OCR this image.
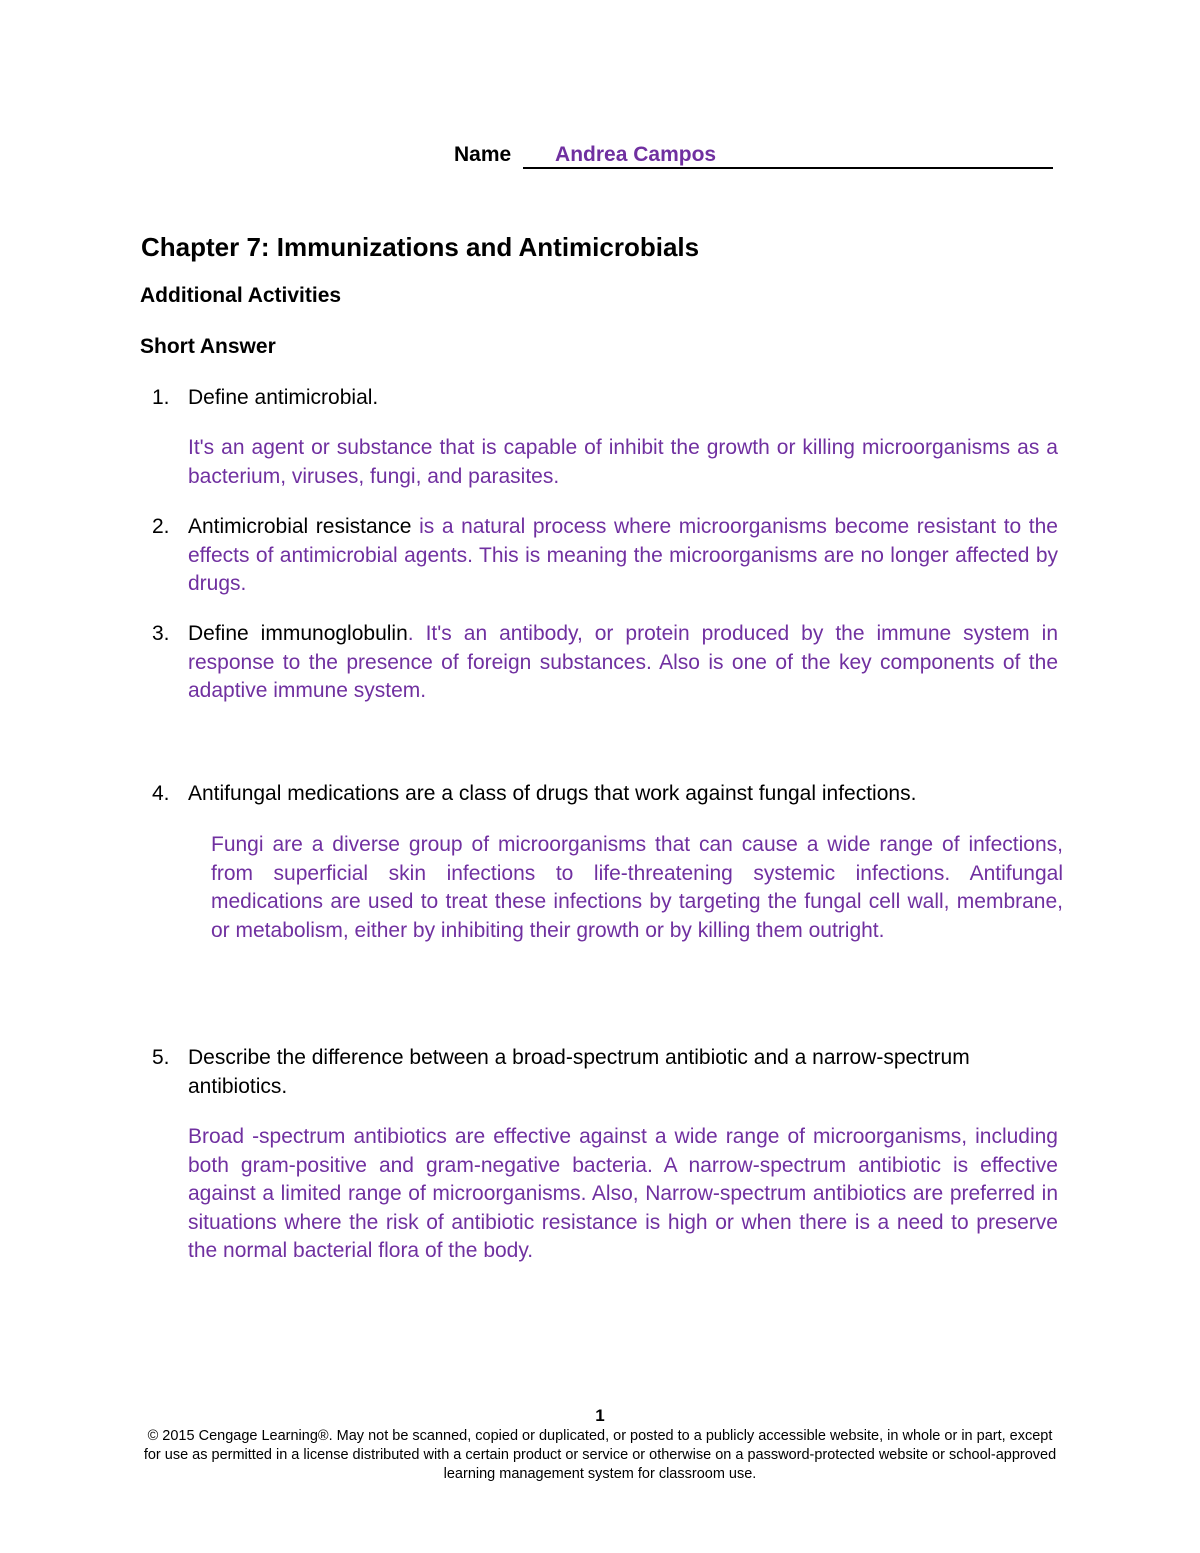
Name Andrea Campos
Chapter 7: Immunizations and Antimicrobials
Additional Activities
Short Answer
1. Define antimicrobial.
It's an agent or substance that is capable of inhibit the growth or killing microorganisms as a bacterium, viruses, fungi, and parasites.
2. Antimicrobial resistance is a natural process where microorganisms become resistant to the effects of antimicrobial agents. This is meaning the microorganisms are no longer affected by drugs.
3. Define immunoglobulin. It's an antibody, or protein produced by the immune system in response to the presence of foreign substances. Also is one of the key components of the adaptive immune system.
4. Antifungal medications are a class of drugs that work against fungal infections.
Fungi are a diverse group of microorganisms that can cause a wide range of infections, from superficial skin infections to life-threatening systemic infections. Antifungal medications are used to treat these infections by targeting the fungal cell wall, membrane, or metabolism, either by inhibiting their growth or by killing them outright.
5. Describe the difference between a broad-spectrum antibiotic and a narrow-spectrum antibiotics.
Broad -spectrum antibiotics are effective against a wide range of microorganisms, including both gram-positive and gram-negative bacteria. A narrow-spectrum antibiotic is effective against a limited range of microorganisms. Also, Narrow-spectrum antibiotics are preferred in situations where the risk of antibiotic resistance is high or when there is a need to preserve the normal bacterial flora of the body.
1
© 2015 Cengage Learning®. May not be scanned, copied or duplicated, or posted to a publicly accessible website, in whole or in part, except for use as permitted in a license distributed with a certain product or service or otherwise on a password-protected website or school-approved learning management system for classroom use.
